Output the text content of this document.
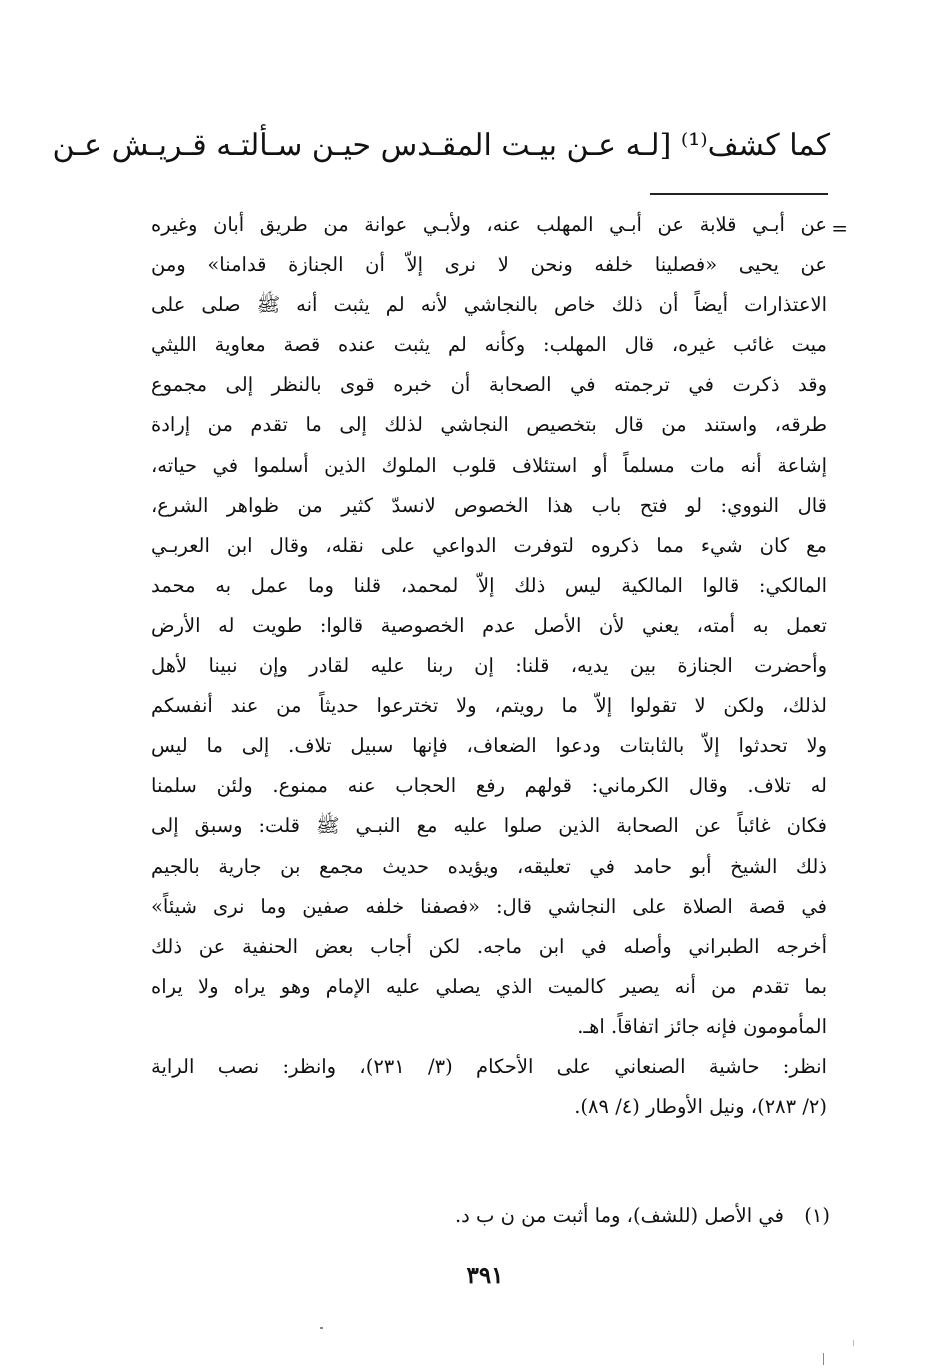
كما كشف⁽¹⁾ [لـه عـن بيـت المقـدس حيـن سـألتـه قـريـش عـن
=
عن أبـي قلابة عن أبـي المهلب عنه، ولأبـي عوانة من طريق أبان وغيره
عن يحيى «فصلينا خلفه ونحن لا نرى إلاّ أن الجنازة قدامنا» ومن
الاعتذارات أيضاً أن ذلك خاص بالنجاشي لأنه لم يثبت أنه ﷺ صلى على
ميت غائب غيره، قال المهلب: وكأنه لم يثبت عنده قصة معاوية الليثي
وقد ذكرت في ترجمته في الصحابة أن خبره قوى بالنظر إلى مجموع
طرقه، واستند من قال بتخصيص النجاشي لذلك إلى ما تقدم من إرادة
إشاعة أنه مات مسلماً أو استئلاف قلوب الملوك الذين أسلموا في حياته،
قال النووي: لو فتح باب هذا الخصوص لانسدّ كثير من ظواهر الشرع،
مع كان شيء مما ذكروه لتوفرت الدواعي على نقله، وقال ابن العربـي
المالكي: قالوا المالكية ليس ذلك إلاّ لمحمد، قلنا وما عمل به محمد
تعمل به أمته، يعني لأن الأصل عدم الخصوصية قالوا: طويت له الأرض
وأحضرت الجنازة بين يديه، قلنا: إن ربنا عليه لقادر وإن نبينا لأهل
لذلك، ولكن لا تقولوا إلاّ ما رويتم، ولا تخترعوا حديثاً من عند أنفسكم
ولا تحدثوا إلاّ بالثابتات ودعوا الضعاف، فإنها سبيل تلاف. إلى ما ليس
له تلاف. وقال الكرماني: قولهم رفع الحجاب عنه ممنوع. ولئن سلمنا
فكان غائباً عن الصحابة الذين صلوا عليه مع النبـي ﷺ قلت: وسبق إلى
ذلك الشيخ أبو حامد في تعليقه، ويؤيده حديث مجمع بن جارية بالجيم
في قصة الصلاة على النجاشي قال: «فصفنا خلفه صفين وما نرى شيئاً»
أخرجه الطبراني وأصله في ابن ماجه. لكن أجاب بعض الحنفية عن ذلك
بما تقدم من أنه يصير كالميت الذي يصلي عليه الإمام وهو يراه ولا يراه
المأمومون فإنه جائز اتفاقاً. اهـ.
انظر: حاشية الصنعاني على الأحكام (٣/ ٢٣١)، وانظر: نصب الراية
(٢/ ٢٨٣)، ونيل الأوطار (٤/ ٨٩).
(١)في الأصل (للشف)، وما أثبت من ن ب د.
٣٩١
